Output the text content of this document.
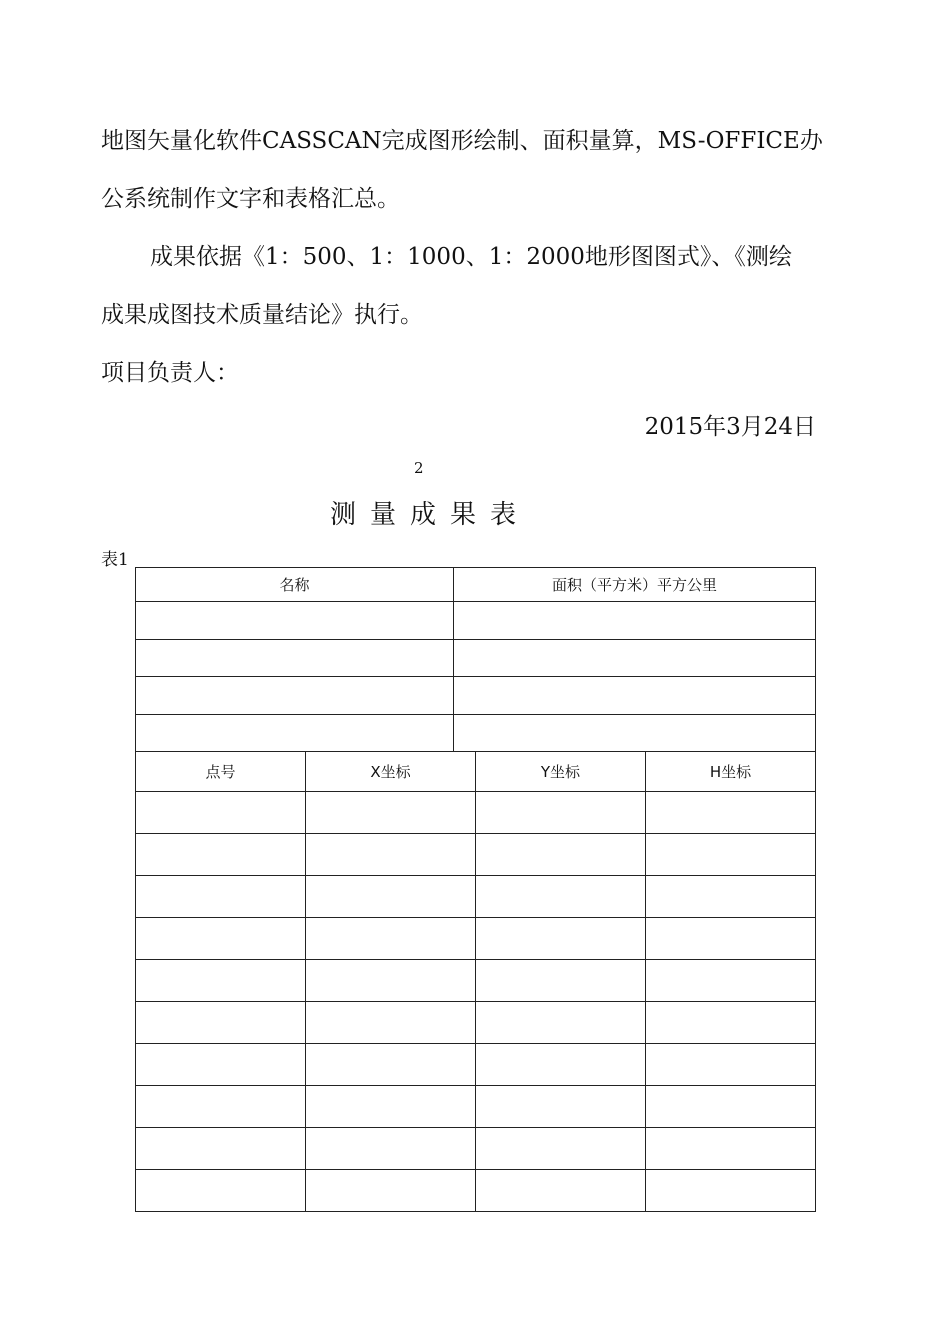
地图矢量化软件CASSCAN完成图形绘制、面积量算，MS-OFFICE办

公系统制作文字和表格汇总。

成果依据《1：500、1：1000、1：2000地形图图式》、《测绘

成果成图技术质量结论》执行。

项目负责人：

2015年3月24日
2
测量成果表
表1
名称	面积（平方米）平方公里

点号	X坐标	Y坐标	H坐标
